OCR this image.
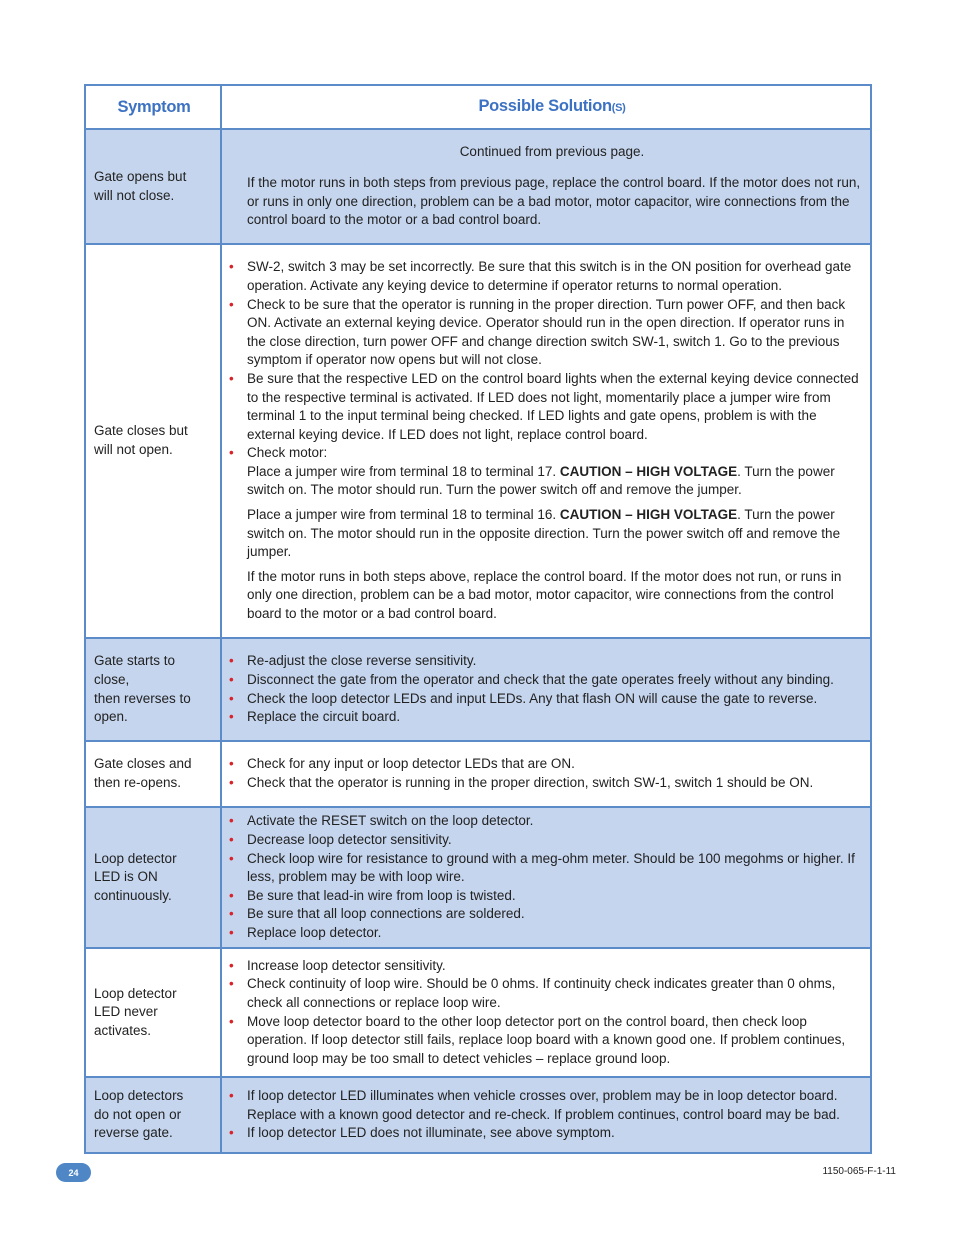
Symptom	Possible Solution(S)
Gate opens but
will not close.

Continued from previous page.

If the motor runs in both steps from previous page, replace the control board. If the motor does not run, or runs in only one direction, problem can be a bad motor, motor capacitor, wire connections from the control board to the motor or a bad control board.

Gate closes but
will not open.
• SW-2, switch 3 may be set incorrectly. Be sure that this switch is in the ON position for overhead gate operation. Activate any keying device to determine if operator returns to normal operation.
• Check to be sure that the operator is running in the proper direction. Turn power OFF, and then back ON. Activate an external keying device. Operator should run in the open direction. If operator runs in the close direction, turn power OFF and change direction switch SW-1, switch 1. Go to the previous symptom if operator now opens but will not close.
• Be sure that the respective LED on the control board lights when the external keying device connected to the respective terminal is activated. If LED does not light, momentarily place a jumper wire from terminal 1 to the input terminal being checked. If LED lights and gate opens, problem is with the external keying device. If LED does not light, replace control board.
• Check motor:

Place a jumper wire from terminal 18 to terminal 17. CAUTION – HIGH VOLTAGE. Turn the power switch on. The motor should run. Turn the power switch off and remove the jumper.

Place a jumper wire from terminal 18 to terminal 16. CAUTION – HIGH VOLTAGE. Turn the power switch on. The motor should run in the opposite direction. Turn the power switch off and remove the jumper.

If the motor runs in both steps above, replace the control board. If the motor does not run, or runs in only one direction, problem can be a bad motor, motor capacitor, wire connections from the control board to the motor or a bad control board.

Gate starts to close,
then reverses to
open.
• Re-adjust the close reverse sensitivity.
• Disconnect the gate from the operator and check that the gate operates freely without any binding.
• Check the loop detector LEDs and input LEDs. Any that flash ON will cause the gate to reverse.
• Replace the circuit board.
Gate closes and
then re-opens.
• Check for any input or loop detector LEDs that are ON.
• Check that the operator is running in the proper direction, switch SW-1, switch 1 should be ON.
Loop detector
LED is ON
continuously.
• Activate the RESET switch on the loop detector.
• Decrease loop detector sensitivity.
• Check loop wire for resistance to ground with a meg-ohm meter. Should be 100 megohms or higher. If less, problem may be with loop wire.
• Be sure that lead-in wire from loop is twisted.
• Be sure that all loop connections are soldered.
• Replace loop detector.
Loop detector
LED never
activates.
• Increase loop detector sensitivity.
• Check continuity of loop wire. Should be 0 ohms. If continuity check indicates greater than 0 ohms, check all connections or replace loop wire.
• Move loop detector board to the other loop detector port on the control board, then check loop operation. If loop detector still fails, replace loop board with a known good one. If problem continues, ground loop may be too small to detect vehicles – replace ground loop.
Loop detectors
do not open or
reverse gate.
• If loop detector LED illuminates when vehicle crosses over, problem may be in loop detector board. Replace with a known good detector and re-check. If problem continues, control board may be bad.
• If loop detector LED does not illuminate, see above symptom.
24	1150-065-F-1-11
